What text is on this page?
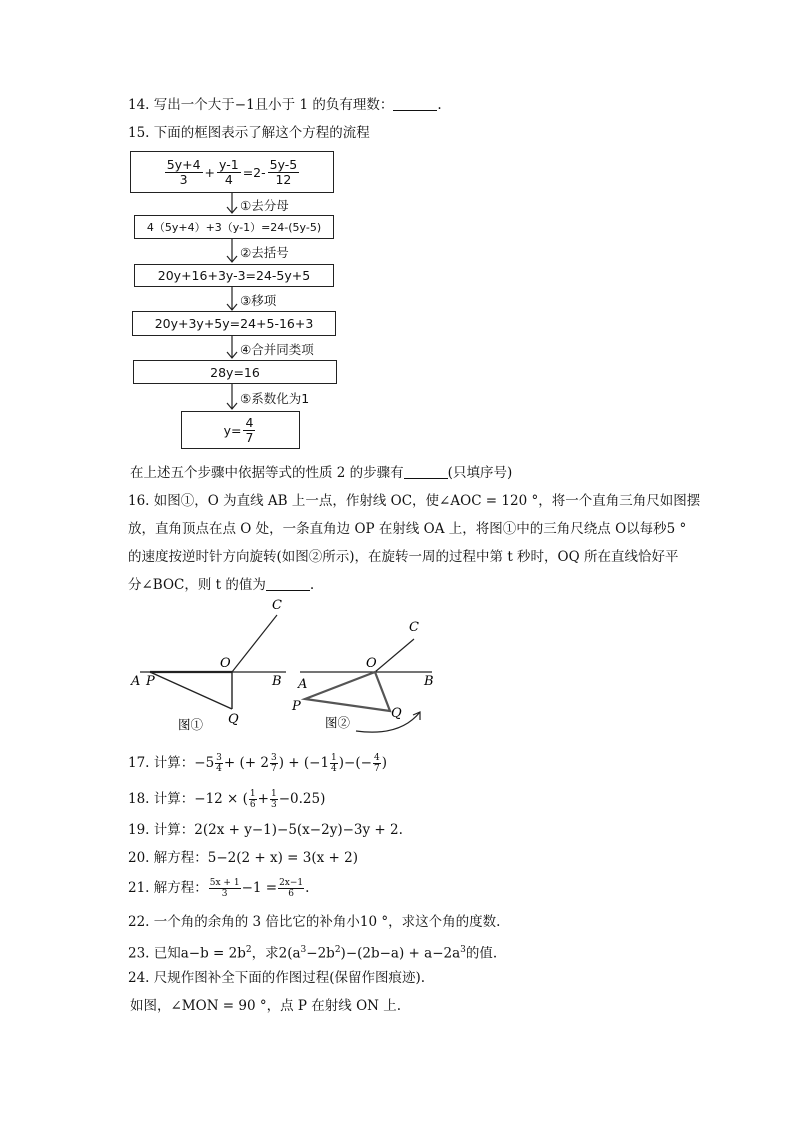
14. 写出一个大于−1且小于 1 的负有理数：	.
15. 下面的框图表示了解这个方程的流程
$\frac{5y+4}{3} + \frac{y-1}{4} =2- \frac{5y-5}{12}$
①去分母
4（5y+4）+3（y-1）=24-(5y-5)
②去括号
20y+16+3y-3=24-5y+5
③移项
20y+3y+5y=24+5-16+3
④合并同类项
28y=16
⑤系数化为1
$y= \frac{4}{7}$
在上述五个步骤中依据等式的性质 2 的步骤有	(只填序号)
16. 如图①，O 为直线 AB 上一点，作射线 OC，使∠AOC = 120 °，将一个直角三角尺如图摆
放，直角顶点在点 O 处，一条直角边 OP 在射线 OA 上，将图①中的三角尺绕点 O以每秒5 °
的速度按逆时针方向旋转(如图②所示)，在旋转一周的过程中第 t 秒时，OQ 所在直线恰好平
分∠BOC，则 t 的值为	.
C
O
A P	B
Q
图①
C
O
A
P
B
Q
图②
17. 计算：$-5 \frac{3}{4}$ + (+ $2 \frac{3}{7}$ ) + ($-1 \frac{1}{4}$ )−(− $\frac{4}{7}$ )
18. 计算：−12 × ( $\frac{1}{6} + \frac{1}{3} -0.25$)
19. 计算：2(2x + y−1)−5(x−2y)−3y + 2.
20. 解方程：5−2(2 + x) = 3(x + 2)
21. 解方程： $\frac{5x + 1}{3} -1 = \frac{2x-1}{6}$ .
22. 一个角的余角的 3 倍比它的补角小10 °，求这个角的度数.
23. 已知$a-b = 2b^2$，求$2(a^3-2b^2)-(2b-a) + a-2a^3$的值.
24. 尺规作图补全下面的作图过程(保留作图痕迹).
如图，∠MON = 90 °，点 P 在射线 ON 上.
